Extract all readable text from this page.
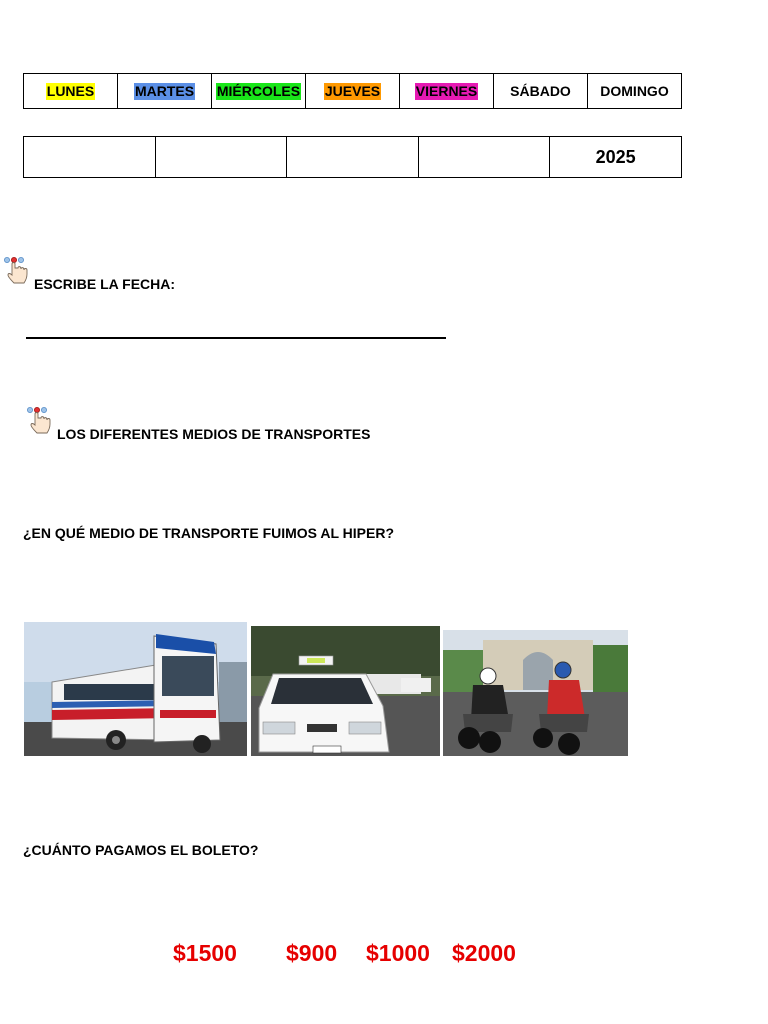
LUNES	MARTES MIÉRCOLES JUEVES	VIERNES SÁBADO DOMINGO
2025
ESCRIBE LA FECHA:
LOS DIFERENTES MEDIOS DE TRANSPORTES
¿EN QUÉ MEDIO DE TRANSPORTE FUIMOS AL HIPER?
¿CUÁNTO PAGAMOS EL BOLETO?
$1500 $900 $1000 $2000
